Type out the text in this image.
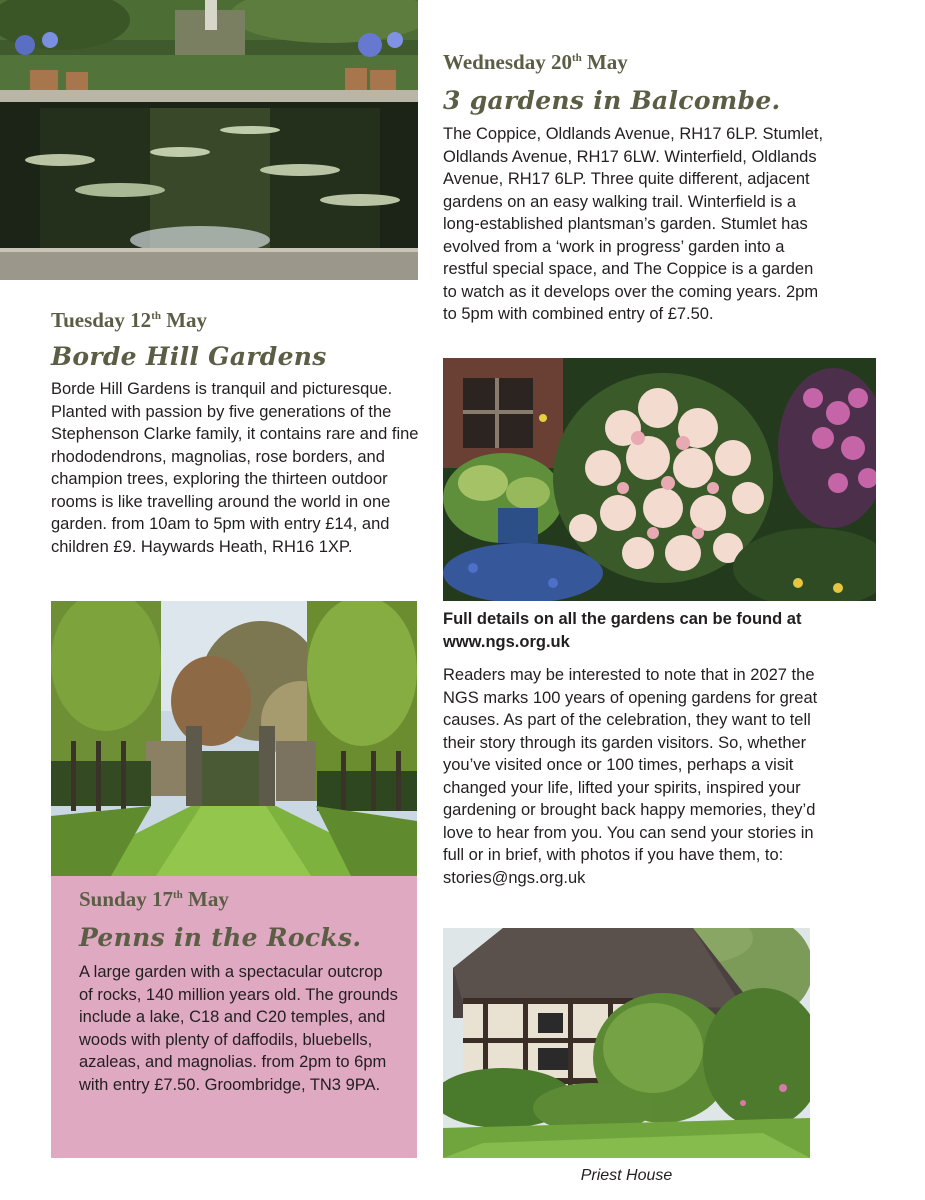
Wednesday 20th May
3 gardens in Balcombe.

The Coppice, Oldlands Avenue, RH17 6LP. Stumlet, Oldlands Avenue, RH17 6LW. Winterfield, Oldlands Avenue, RH17 6LP. Three quite different, adjacent gardens on an easy walking trail. Winterfield is a long-established plantsman’s garden. Stumlet has evolved from a ‘work in progress’ garden into a restful special space, and The Coppice is a garden to watch as it develops over the coming years. 2pm to 5pm with combined entry of £7.50.

Full details on all the gardens can be found at www.ngs.org.uk

Readers may be interested to note that in 2027 the NGS marks 100 years of opening gardens for great causes. As part of the celebration, they want to tell their story through its garden visitors. So, whether you’ve visited once or 100 times, perhaps a visit changed your life, lifted your spirits, inspired your gardening or brought back happy memories, they’d love to hear from you. You can send your stories in full or in brief, with photos if you have them, to: stories@ngs.org.uk

Tuesday 12th May
Borde Hill Gardens

Borde Hill Gardens is tranquil and picturesque. Planted with passion by five generations of the Stephenson Clarke family, it contains rare and fine rhododendrons, magnolias, rose borders, and champion trees, exploring the thirteen outdoor rooms is like travelling around the world in one garden. from 10am to 5pm with entry £14, and children £9. Haywards Heath, RH16 1XP.

Sunday 17th May
Penns in the Rocks.

A large garden with a spectacular outcrop of rocks, 140 million years old. The grounds include a lake, C18 and C20 temples, and woods with plenty of daffodils, bluebells, azaleas, and magnolias. from 2pm to 6pm with entry £7.50. Groombridge, TN3 9PA.

Priest House
